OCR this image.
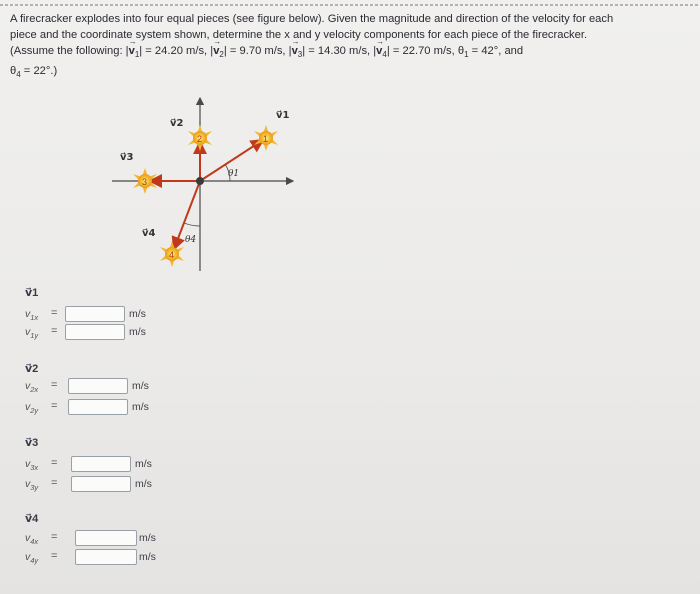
A firecracker explodes into four equal pieces (see figure below). Given the magnitude and direction of the velocity for each
piece and the coordinate system shown, determine the x and y velocity components for each piece of the firecracker.
(Assume the following: |→ $v_1| = 24.20$ m/s, |→ $v_2| = 9.70$ m/s, |→ $v_3| = 14.30$ m/s, |→ $v_4| = 22.70$ m/s, $\theta_1 = 42^\circ$, and
$\theta_4 = 22^\circ$.)
1
2
3
4
v⃗1
v⃗2
v⃗3
v⃗4
θ1
θ4
v⃗1
$v_{1x}$ =	m/s
$v_{1y}$ =	m/s
v⃗2
$v_{2x}$ =	m/s
$v_{2y}$ =	m/s
v⃗3
$v_{3x}$ =	m/s
$v_{3y}$ =	m/s
v⃗4
$v_{4x}$ =	m/s
$v_{4y}$ =	m/s
